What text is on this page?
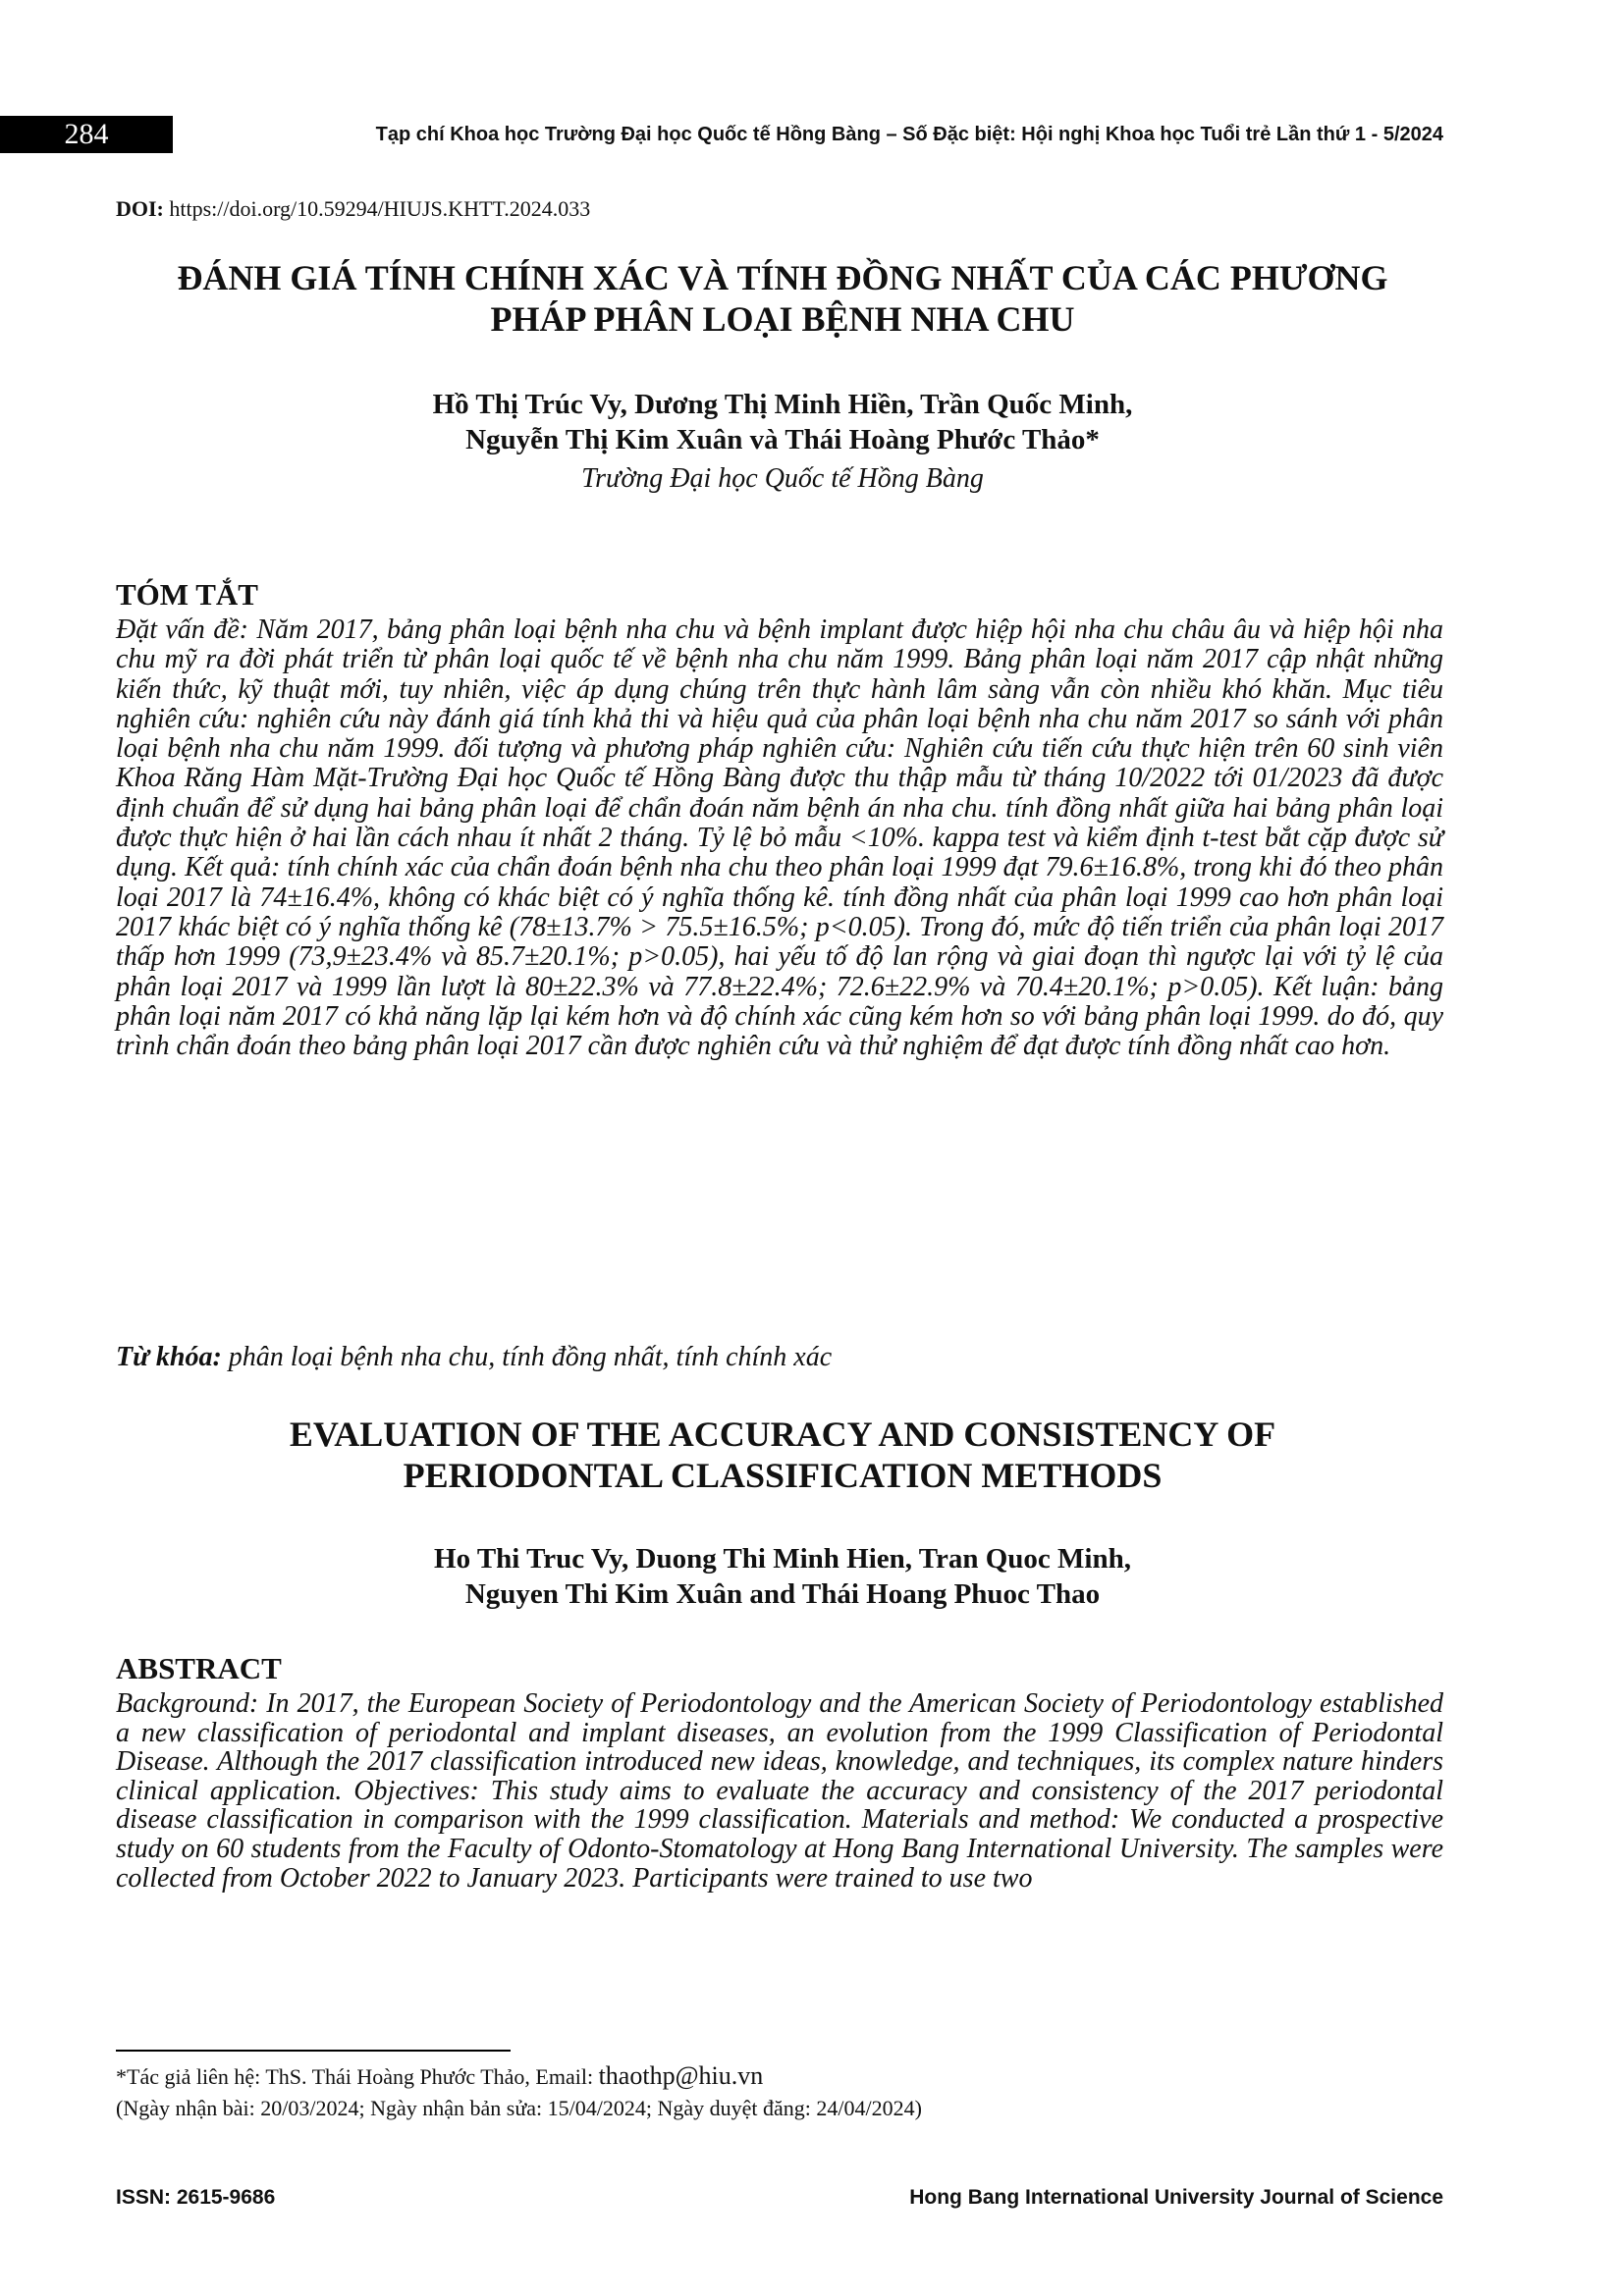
284	Tạp chí Khoa học Trường Đại học Quốc tế Hồng Bàng – Số Đặc biệt: Hội nghị Khoa học Tuổi trẻ Lần thứ 1 - 5/2024
DOI: https://doi.org/10.59294/HIUJS.KHTT.2024.033
ĐÁNH GIÁ TÍNH CHÍNH XÁC VÀ TÍNH ĐỒNG NHẤT CỦA CÁC PHƯƠNG
PHÁP PHÂN LOẠI BỆNH NHA CHU
Hồ Thị Trúc Vy, Dương Thị Minh Hiền, Trần Quốc Minh,
Nguyễn Thị Kim Xuân và Thái Hoàng Phước Thảo*
Trường Đại học Quốc tế Hồng Bàng
TÓM TẮT
Đặt vấn đề: Năm 2017, bảng phân loại bệnh nha chu và bệnh implant được hiệp hội nha chu châu âu và hiệp hội nha chu mỹ ra đời phát triển từ phân loại quốc tế về bệnh nha chu năm 1999. Bảng phân loại năm 2017 cập nhật những kiến thức, kỹ thuật mới, tuy nhiên, việc áp dụng chúng trên thực hành lâm sàng vẫn còn nhiều khó khăn. Mục tiêu nghiên cứu: nghiên cứu này đánh giá tính khả thi và hiệu quả của phân loại bệnh nha chu năm 2017 so sánh với phân loại bệnh nha chu năm 1999. đối tượng và phương pháp nghiên cứu: Nghiên cứu tiến cứu thực hiện trên 60 sinh viên Khoa Răng Hàm Mặt-Trường Đại học Quốc tế Hồng Bàng được thu thập mẫu từ tháng 10/2022 tới 01/2023 đã được định chuẩn để sử dụng hai bảng phân loại để chẩn đoán năm bệnh án nha chu. tính đồng nhất giữa hai bảng phân loại được thực hiện ở hai lần cách nhau ít nhất 2 tháng. Tỷ lệ bỏ mẫu <10%. kappa test và kiểm định t-test bắt cặp được sử dụng. Kết quả: tính chính xác của chẩn đoán bệnh nha chu theo phân loại 1999 đạt 79.6±16.8%, trong khi đó theo phân loại 2017 là 74±16.4%, không có khác biệt có ý nghĩa thống kê. tính đồng nhất của phân loại 1999 cao hơn phân loại 2017 khác biệt có ý nghĩa thống kê (78±13.7% > 75.5±16.5%; p<0.05). Trong đó, mức độ tiến triển của phân loại 2017 thấp hơn 1999 (73,9±23.4% và 85.7±20.1%; p>0.05), hai yếu tố độ lan rộng và giai đoạn thì ngược lại với tỷ lệ của phân loại 2017 và 1999 lần lượt là 80±22.3% và 77.8±22.4%; 72.6±22.9% và 70.4±20.1%; p>0.05). Kết luận: bảng phân loại năm 2017 có khả năng lặp lại kém hơn và độ chính xác cũng kém hơn so với bảng phân loại 1999. do đó, quy trình chẩn đoán theo bảng phân loại 2017 cần được nghiên cứu và thử nghiệm để đạt được tính đồng nhất cao hơn.
Từ khóa: phân loại bệnh nha chu, tính đồng nhất, tính chính xác
EVALUATION OF THE ACCURACY AND CONSISTENCY OF
PERIODONTAL CLASSIFICATION METHODS
Ho Thi Truc Vy, Duong Thi Minh Hien, Tran Quoc Minh,
Nguyen Thi Kim Xuân and Thái Hoang Phuoc Thao
ABSTRACT
Background: In 2017, the European Society of Periodontology and the American Society of Periodontology established a new classification of periodontal and implant diseases, an evolution from the 1999 Classification of Periodontal Disease. Although the 2017 classification introduced new ideas, knowledge, and techniques, its complex nature hinders clinical application. Objectives: This study aims to evaluate the accuracy and consistency of the 2017 periodontal disease classification in comparison with the 1999 classification. Materials and method: We conducted a prospective study on 60 students from the Faculty of Odonto-Stomatology at Hong Bang International University. The samples were collected from October 2022 to January 2023. Participants were trained to use two
*Tác giả liên hệ: ThS. Thái Hoàng Phước Thảo, Email: thaothp@hiu.vn
(Ngày nhận bài: 20/03/2024; Ngày nhận bản sửa: 15/04/2024; Ngày duyệt đăng: 24/04/2024)
ISSN: 2615-9686	Hong Bang International University Journal of Science
